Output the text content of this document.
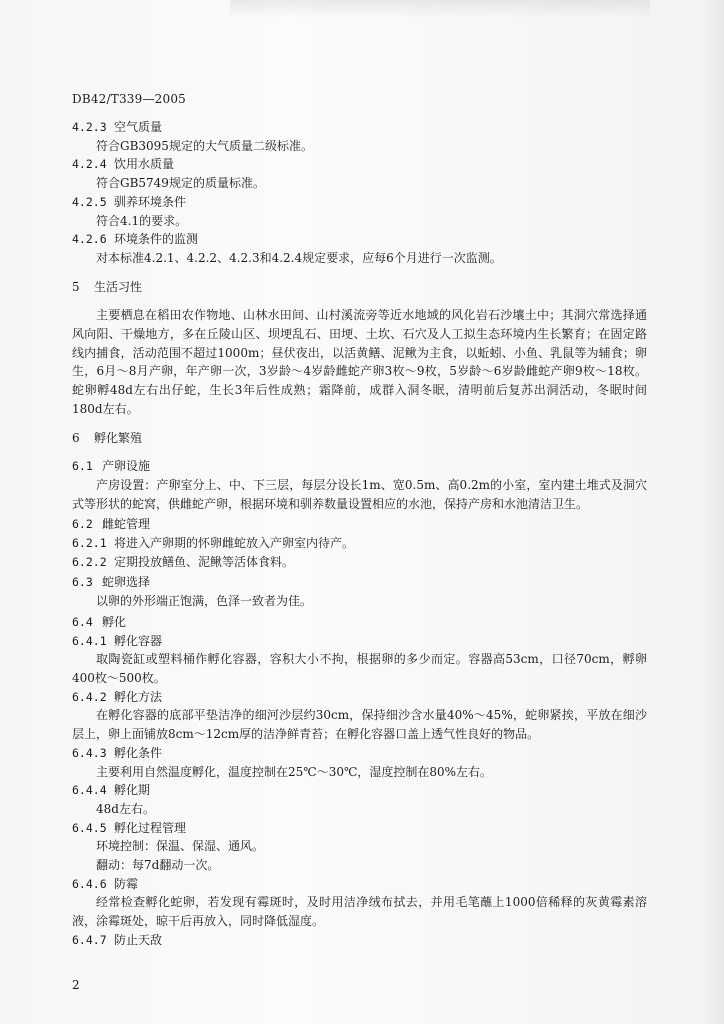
DB42/T339—2005
4.2.3 空气质量
符合GB3095规定的大气质量二级标准。
4.2.4 饮用水质量
符合GB5749规定的质量标准。
4.2.5 驯养环境条件
符合4.1的要求。
4.2.6 环境条件的监测
对本标准4.2.1、4.2.2、4.2.3和4.2.4规定要求，应每6个月进行一次监测。
5	生活习性
主要栖息在稻田农作物地、山林水田间、山村溪流旁等近水地域的风化岩石沙壤土中；其洞穴常选择通风向阳、干燥地方，多在丘陵山区、坝埂乱石、田埂、土坎、石穴及人工拟生态环境内生长繁育；在固定路线内捕食，活动范围不超过1000m；昼伏夜出，以活黄鳝、泥鳅为主食，以蚯蚓、小鱼、乳鼠等为辅食；卵生，6月～8月产卵，年产卵一次，3岁龄～4岁龄雌蛇产卵3枚～9枚，5岁龄～6岁龄雌蛇产卵9枚～18枚。蛇卵孵48d左右出仔蛇，生长3年后性成熟；霜降前，成群入洞冬眠，清明前后复苏出洞活动，冬眠时间180d左右。
6	孵化繁殖
6.1 产卵设施
产房设置：产卵室分上、中、下三层，每层分设长1m、宽0.5m、高0.2m的小室，室内建土堆式及洞穴式等形状的蛇窝，供雌蛇产卵，根据环境和驯养数量设置相应的水池，保持产房和水池清洁卫生。
6.2 雌蛇管理
6.2.1 将进入产卵期的怀卵雌蛇放入产卵室内待产。
6.2.2 定期投放鳝鱼、泥鳅等活体食料。
6.3 蛇卵选择
以卵的外形端正饱满，色泽一致者为佳。
6.4 孵化
6.4.1 孵化容器
取陶瓷缸或塑料桶作孵化容器，容积大小不拘，根据卵的多少而定。容器高53cm，口径70cm，孵卵400枚～500枚。
6.4.2 孵化方法
在孵化容器的底部平垫洁净的细河沙层约30cm，保持细沙含水量40%～45%，蛇卵紧挨，平放在细沙层上，卵上面铺放8cm～12cm厚的洁净鲜青苔；在孵化容器口盖上透气性良好的物品。
6.4.3 孵化条件
主要利用自然温度孵化，温度控制在25℃～30℃，湿度控制在80%左右。
6.4.4 孵化期
48d左右。
6.4.5 孵化过程管理
环境控制：保温、保湿、通风。
翻动：每7d翻动一次。
6.4.6 防霉
经常检查孵化蛇卵，若发现有霉斑时，及时用洁净绒布拭去，并用毛笔蘸上1000倍稀释的灰黄霉素溶液，涂霉斑处，晾干后再放入，同时降低湿度。
6.4.7 防止天敌
2
